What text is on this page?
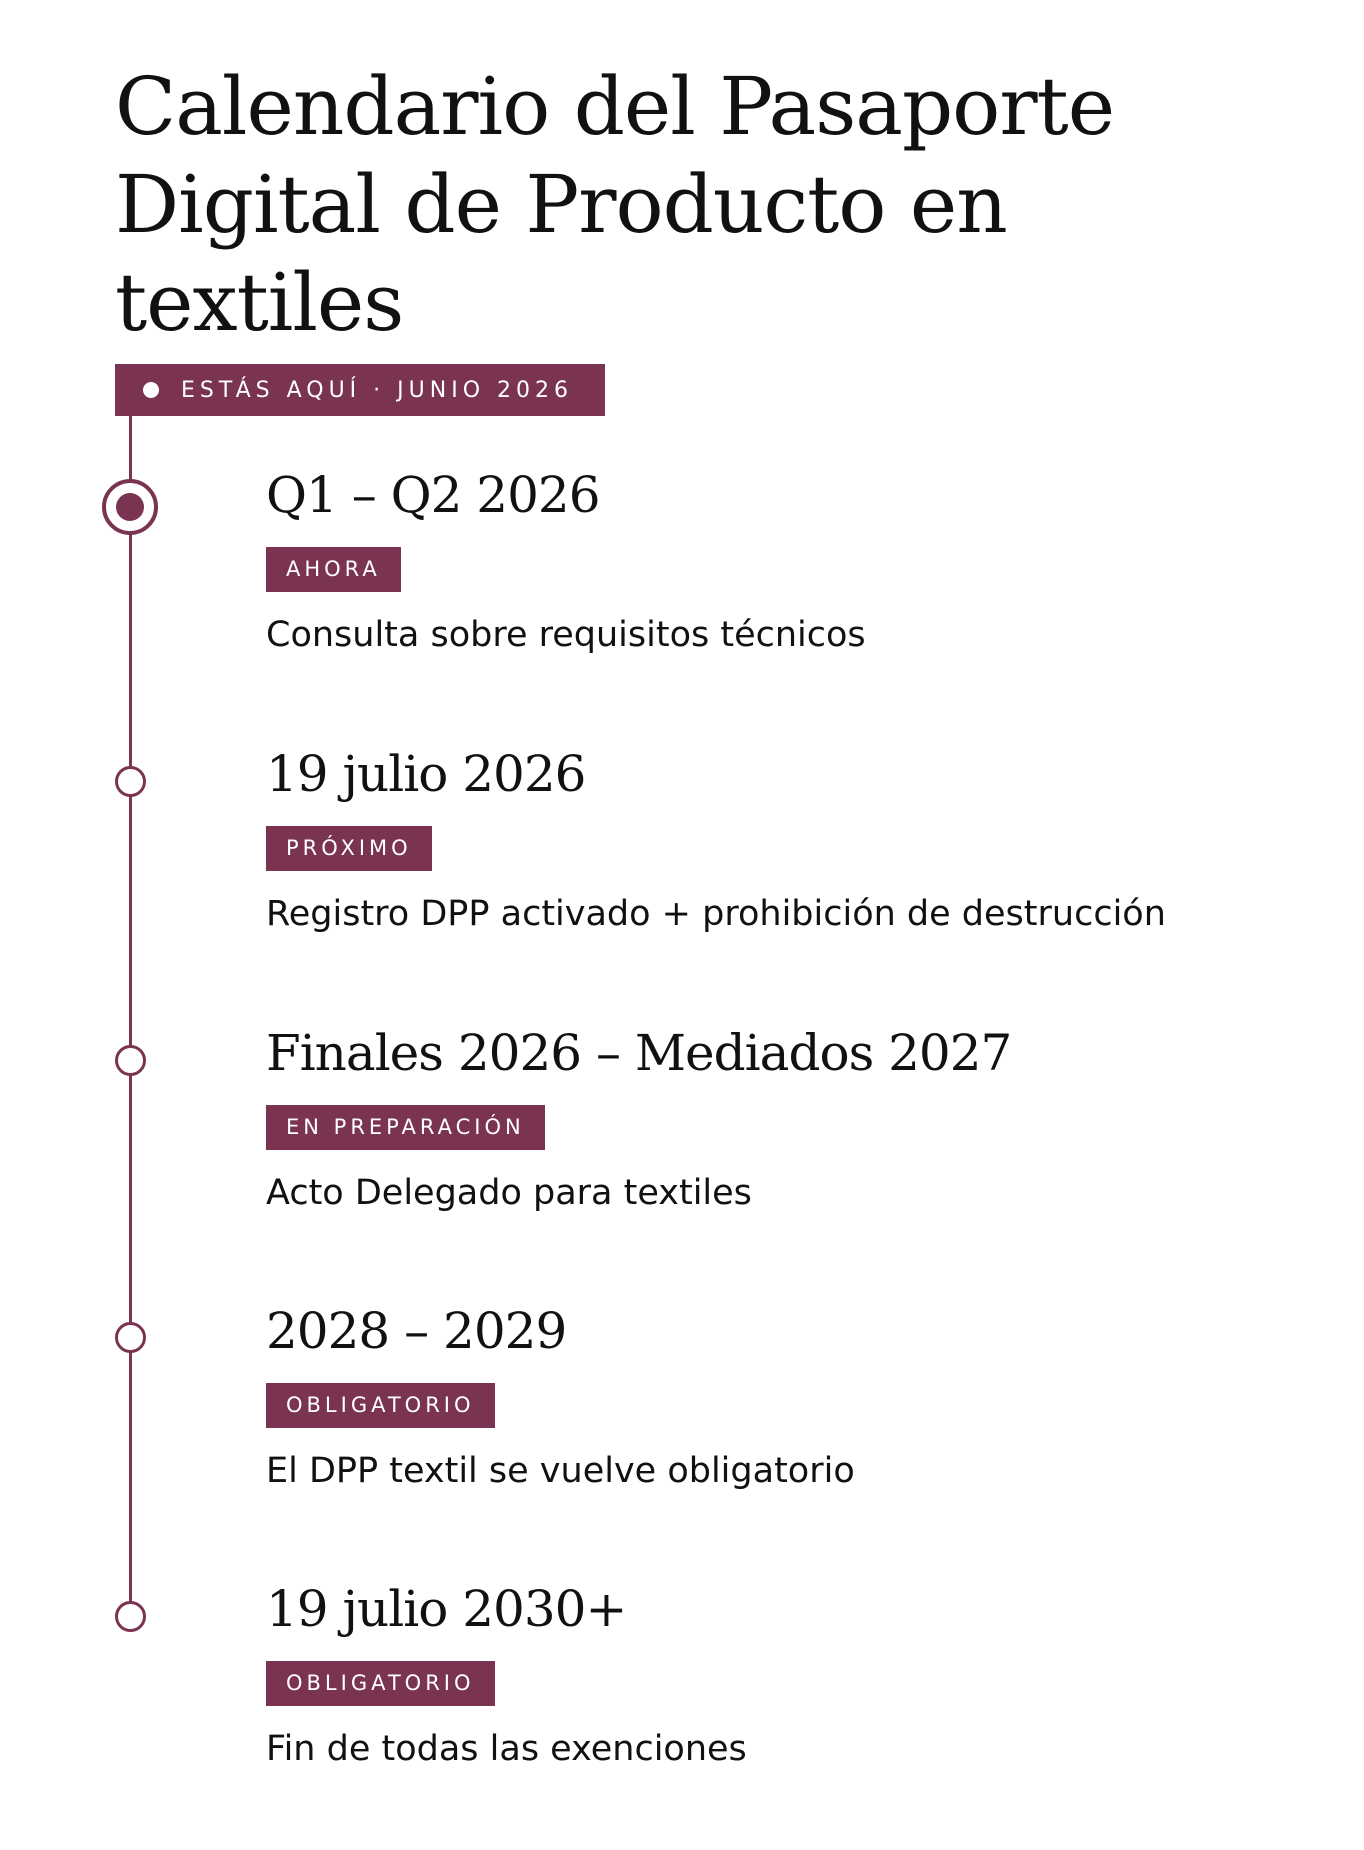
Calendario del Pasaporte Digital de Producto en textiles
ESTÁS AQUÍ · JUNIO 2026
Q1 – Q2 2026
AHORA
Consulta sobre requisitos técnicos
19 julio 2026
PRÓXIMO
Registro DPP activado + prohibición de destrucción
Finales 2026 – Mediados 2027
EN PREPARACIÓN
Acto Delegado para textiles
2028 – 2029
OBLIGATORIO
El DPP textil se vuelve obligatorio
19 julio 2030+
OBLIGATORIO
Fin de todas las exenciones
